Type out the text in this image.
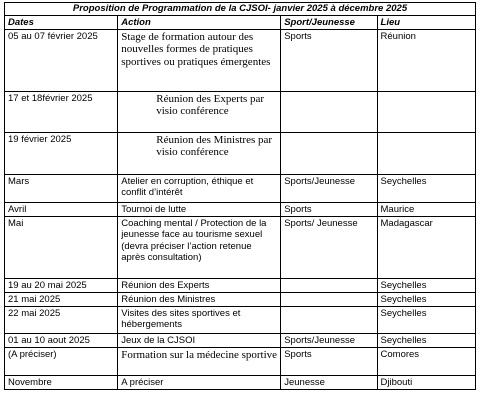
Proposition de Programmation de la CJSOI- janvier 2025 à décembre 2025			
Dates	Action	Sport/Jeunesse	Lieu
05 au 07 février 2025	Stage de formation autour des nouvelles formes de pratiques sportives ou pratiques émergentes	Sports	Réunion
17 et 18février 2025	Réunion des Experts par visio conférence		
19 février 2025	Réunion des Ministres par visio conférence		
Mars	Atelier en corruption, éthique et conflit d’intérêt	Sports/Jeunesse	Seychelles
Avril	Tournoi de lutte	Sports	Maurice
Mai	Coaching mental / Protection de la jeunesse face au tourisme sexuel (devra préciser l’action retenue après consultation)	Sports/ Jeunesse	Madagascar
19 au 20 mai 2025	Réunion des Experts		Seychelles
21 mai 2025	Réunion des Ministres		Seychelles
22 mai 2025	Visites des sites sportives et hébergements		Seychelles
01 au 10 aout 2025	Jeux de la CJSOI	Sports/Jeunesse	Seychelles
(A préciser)	Formation sur la médecine sportive	Sports	Comores
Novembre	A préciser	Jeunesse	Djibouti
